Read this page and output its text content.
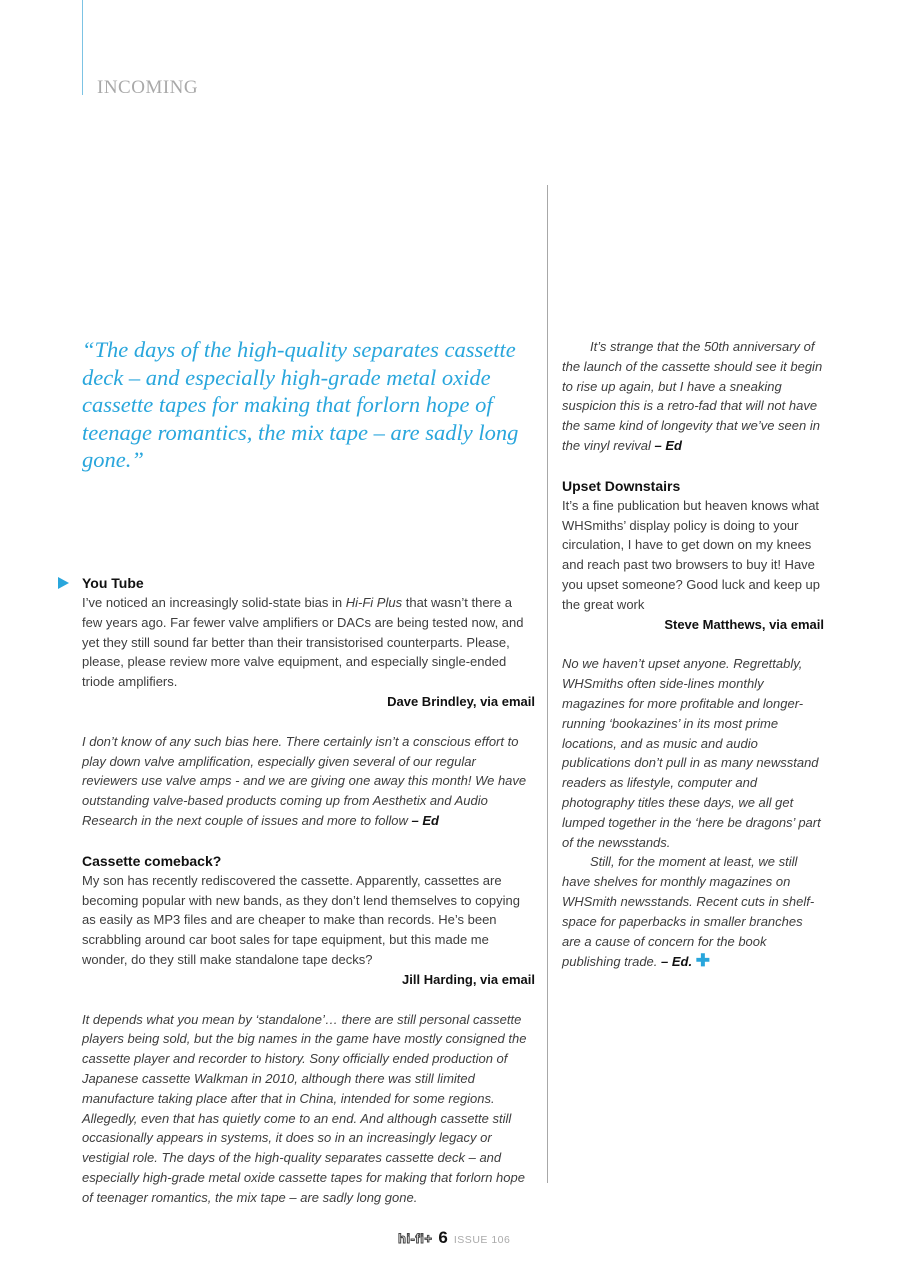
INCOMING
“The days of the high-quality separates cassette deck – and especially high-grade metal oxide cassette tapes for making that forlorn hope of teenage romantics, the mix tape – are sadly long gone.”
You Tube

I’ve noticed an increasingly solid-state bias in Hi-Fi Plus that wasn’t there a few years ago. Far fewer valve amplifiers or DACs are being tested now, and yet they still sound far better than their transistorised counterparts. Please, please, please review more valve equipment, and especially single-ended triode amplifiers.

Dave Brindley, via email

I don’t know of any such bias here. There certainly isn’t a conscious effort to play down valve amplification, especially given several of our regular reviewers use valve amps - and we are giving one away this month! We have outstanding valve-based products coming up from Aesthetix and Audio Research in the next couple of issues and more to follow – Ed

Cassette comeback?

My son has recently rediscovered the cassette. Apparently, cassettes are becoming popular with new bands, as they don’t lend themselves to copying as easily as MP3 files and are cheaper to make than records. He’s been scrabbling around car boot sales for tape equipment, but this made me wonder, do they still make standalone tape decks?

Jill Harding, via email

It depends what you mean by ‘standalone’… there are still personal cassette players being sold, but the big names in the game have mostly consigned the cassette player and recorder to history. Sony officially ended production of Japanese cassette Walkman in 2010, although there was still limited manufacture taking place after that in China, intended for some regions. Allegedly, even that has quietly come to an end. And although cassette still occasionally appears in systems, it does so in an increasingly legacy or vestigial role. The days of the high-quality separates cassette deck – and especially high-grade metal oxide cassette tapes for making that forlorn hope of teenager romantics, the mix tape – are sadly long gone.

It’s strange that the 50th anniversary of the launch of the cassette should see it begin to rise up again, but I have a sneaking suspicion this is a retro-fad that will not have the same kind of longevity that we’ve seen in the vinyl revival – Ed

Upset Downstairs

It’s a fine publication but heaven knows what WHSmiths’ display policy is doing to your circulation, I have to get down on my knees and reach past two browsers to buy it! Have you upset someone? Good luck and keep up the great work

Steve Matthews, via email

No we haven’t upset anyone. Regrettably, WHSmiths often side-lines monthly magazines for more profitable and longer-running ‘bookazines’ in its most prime locations, and as music and audio publications don’t pull in as many newsstand readers as lifestyle, computer and photography titles these days, we all get lumped together in the ‘here be dragons’ part of the newsstands.

Still, for the moment at least, we still have shelves for monthly magazines on WHSmith newsstands. Recent cuts in shelf-space for paperbacks in smaller branches are a cause of concern for the book publishing trade. – Ed. ✚

hi-fi+ 6 ISSUE 106
